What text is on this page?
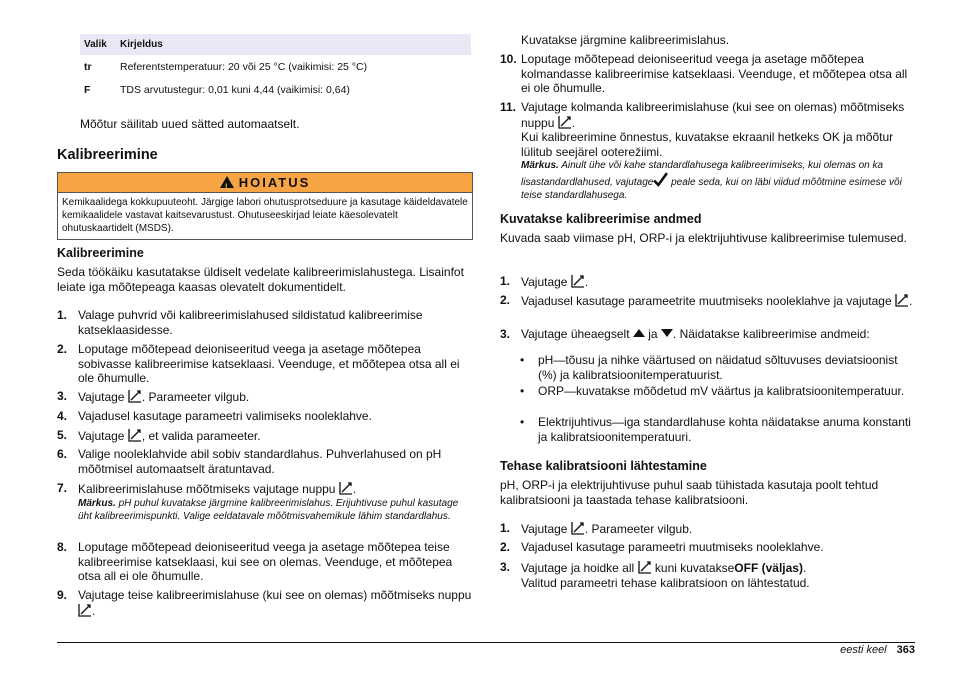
Valik	Kirjeldus
tr	Referentstemperatuur: 20 või 25 °C (vaikimisi: 25 °C)
F	TDS arvutustegur: 0,01 kuni 4,44 (vaikimisi: 0,64)

Mõõtur säilitab uued sätted automaatselt.

Kalibreerimine
!HOIATUS
Kemikaalidega kokkupuuteoht. Järgige labori ohutusprotseduure ja kasutage käideldavatele kemikaalidele vastavat kaitsevarustust. Ohutuseeskirjad leiate käesolevatelt ohutuskaartidelt (MSDS).
Kalibreerimine

Seda töökäiku kasutatakse üldiselt vedelate kalibreerimislahustega. Lisainfot leiate iga mõõtepeaga kaasas olevatelt dokumentidelt.

1. Valage puhvrid või kalibreerimislahused sildistatud kalibreerimise katseklaasidesse.
2. Loputage mõõtepead deioniseeritud veega ja asetage mõõtepea sobivasse kalibreerimise katseklaasi. Veenduge, et mõõtepea otsa all ei ole õhumulle.
3. Vajutage . Parameeter vilgub.
4. Vajadusel kasutage parameetri valimiseks nooleklahve.
5. Vajutage , et valida parameeter.
6. Valige nooleklahvide abil sobiv standardlahus. Puhverlahused on pH mõõtmisel automaatselt äratuntavad.
7. Kalibreerimislahuse mõõtmiseks vajutage nuppu .
Märkus. pH puhul kuvatakse järgmine kalibreerimislahus. Erijuhtivuse puhul kasutage üht kalibreerimispunkti. Valige eeldatavale mõõtmisvahemikule lähim standardlahus.
8. Loputage mõõtepead deioniseeritud veega ja asetage mõõtepea teise kalibreerimise katseklaasi, kui see on olemas. Veenduge, et mõõtepea otsa all ei ole õhumulle.
9. Vajutage teise kalibreerimislahuse (kui see on olemas) mõõtmiseks nuppu .

Kuvatakse järgmine kalibreerimislahus.

10. Loputage mõõtepead deioniseeritud veega ja asetage mõõtepea kolmandasse kalibreerimise katseklaasi. Veenduge, et mõõtepea otsa all ei ole õhumulle.
11. Vajutage kolmanda kalibreerimislahuse (kui see on olemas) mõõtmiseks nuppu .
Kui kalibreerimine õnnestus, kuvatakse ekraanil hetkeks OK ja mõõtur lülitub seejärel ooterežiimi.
Märkus. Ainult ühe või kahe standardlahusega kalibreerimiseks, kui olemas on ka lisastandardlahused, vajutage peale seda, kui on läbi viidud mõõtmine esimese või teise standardlahusega.
Kuvatakse kalibreerimise andmed

Kuvada saab viimase pH, ORP-i ja elektrijuhtivuse kalibreerimise tulemused.

1. Vajutage .
2. Vajadusel kasutage parameetrite muutmiseks nooleklahve ja vajutage .
3. Vajutage üheaegselt ja . Näidatakse kalibreerimise andmeid:
• pH—tõusu ja nihke väärtused on näidatud sõltuvuses deviatsioonist (%) ja kalibratsioonitemperatuurist.
• ORP—kuvatakse mõõdetud mV väärtus ja kalibratsioonitemperatuur.
• Elektrijuhtivus—iga standardlahuse kohta näidatakse anuma konstanti ja kalibratsioonitemperatuuri.
Tehase kalibratsiooni lähtestamine

pH, ORP-i ja elektrijuhtivuse puhul saab tühistada kasutaja poolt tehtud kalibratsiooni ja taastada tehase kalibratsiooni.

1. Vajutage . Parameeter vilgub.
2. Vajadusel kasutage parameetri muutmiseks nooleklahve.
3. Vajutage ja hoidke all kuni kuvatakseOFF (väljas).
Valitud parameetri tehase kalibratsioon on lähtestatud.
eesti keel 363
